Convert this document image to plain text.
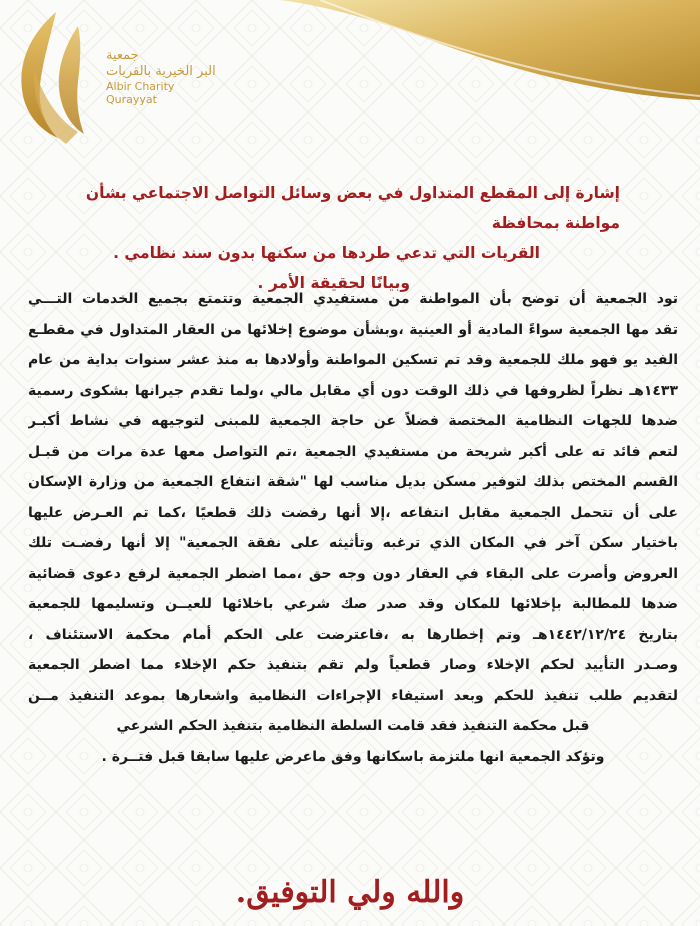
جمعية
البر الخيرية بالقريات
Albir Charity
Qurayyat
إشارة إلى المقطع المتداول في بعض وسائل التواصل الاجتماعي بشأن مواطنة بمحافظة
القريات التي تدعي طردها من سكنها بدون سند نظامي .
وبيانًا لحقيقة الأمر .
تود الجمعية أن توضح بأن المواطنة من مستفيدي الجمعية وتتمتع بجميع الخدمات التـــي
تقد مها الجمعية سواءً المادية أو العينية ،وبشأن موضوع إخلائها من العقار المتداول في مقطـع
الفيد يو فهو ملك للجمعية وقد تم تسكين المواطنة وأولادها به منذ عشر سنوات بداية من عام
١٤٣٣هـ نظراً لظروفها في ذلك الوقت دون أي مقابل مالي ،ولما تقدم جيرانها بشكوى رسمية
ضدها للجهات النظامية المختصة فضلاً عن حاجة الجمعية للمبنى لتوجيهه في نشاط أكبـر
لتعم فائد ته على أكبر شريحة من مستفيدي الجمعية ،تم التواصل معها عدة مرات من قبـل
القسم المختص بذلك لتوفير مسكن بديل مناسب لها "شقة انتفاع الجمعية من وزارة الإسكان
على أن تتحمل الجمعية مقابل انتفاعه ،إلا أنها رفضت ذلك قطعيًا ،كما تم العـرض عليها
باختيار سكن آخر في المكان الذي ترغبه وتأثيثه على نفقة الجمعية" إلا أنها رفضـت تلك
العروض وأصرت على البقاء في العقار دون وجه حق ،مما اضطر الجمعية لرفع دعوى قضائية
ضدها للمطالبة بإخلائها للمكان وقد صدر صك شرعي باخلائها للعيــن وتسليمها للجمعية
بتاريخ ١٤٤٢/١٢/٢٤هـ وتم إخطارها به ،فاعترضت على الحكم أمام محكمة الاستئناف ،
وصـدر التأييد لحكم الإخلاء وصار قطعياً ولم تقم بتنفيذ حكم الإخلاء مما اضطر الجمعية
لتقديم طلب تنفيذ للحكم وبعد استيفاء الإجراءات النظامية واشعارها بموعد التنفيذ مــن
قبل محكمة التنفيذ فقد قامت السلطة النظامية بتنفيذ الحكم الشرعي
وتؤكد الجمعية انها ملتزمة باسكانها وفق ماعرض عليها سابقا قبل فتــرة .
والله ولي التوفيق.
